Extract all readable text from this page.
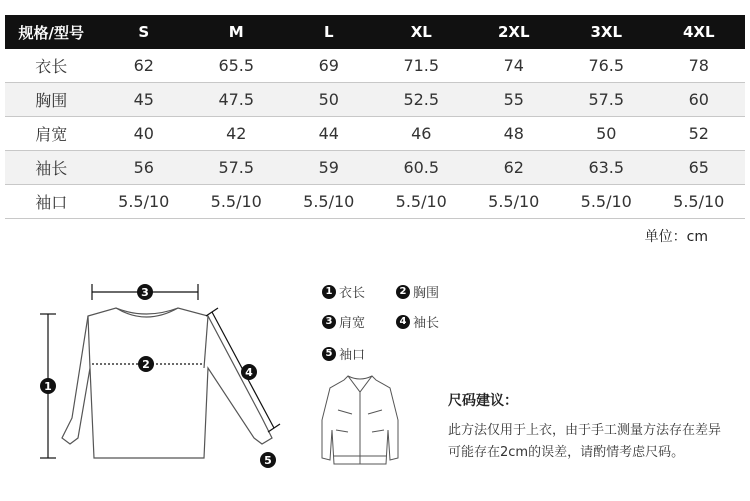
规格/型号	S	M	L	XL	2XL	3XL	4XL
衣长	62	65.5	69	71.5	74	76.5	78
胸围	45	47.5	50	52.5	55	57.5	60
肩宽	40	42	44	46	48	50	52
袖长	56	57.5	59	60.5	62	63.5	65
袖口	5.5/10	5.5/10	5.5/10	5.5/10	5.5/10	5.5/10	5.5/10
单位：cm
3
2
1
4
5
1 衣长	2 胸围
3 肩宽	4 袖长
5 袖口
尺码建议：
此方法仅用于上衣，由于手工测量方法存在差异
可能存在2cm的误差，请酌情考虑尺码。
